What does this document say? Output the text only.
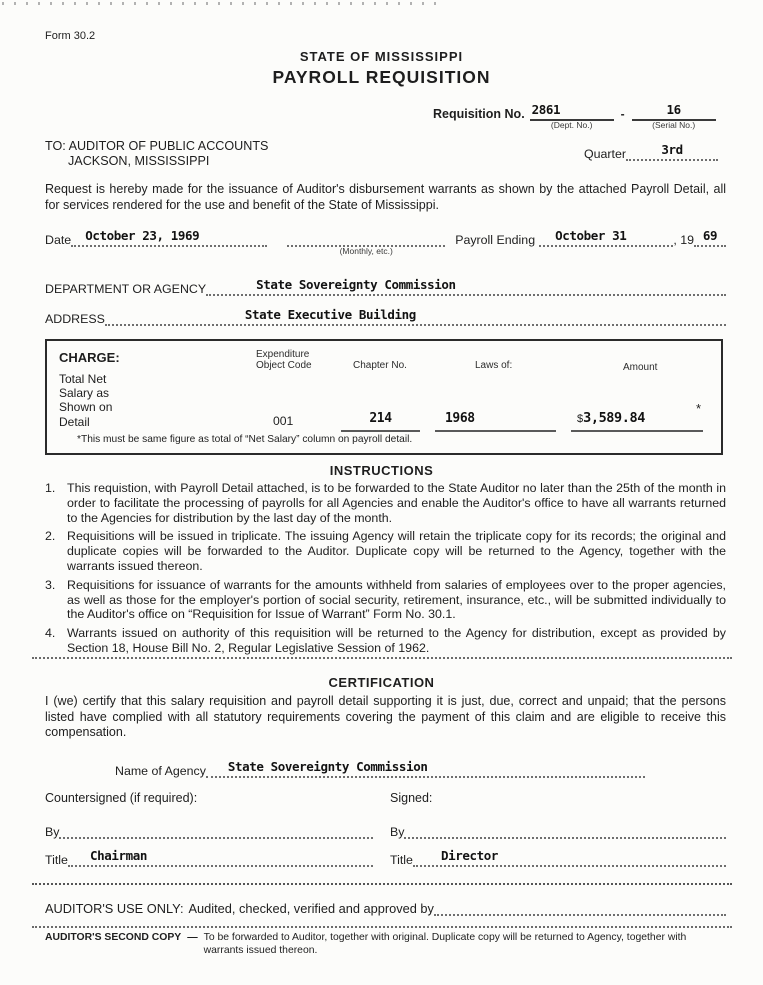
Form 30.2
STATE OF MISSISSIPPI
PAYROLL REQUISITION
Requisition No. 2861
(Dept. No.)
-	16
(Serial No.)
TO: AUDITOR OF PUBLIC ACCOUNTS
JACKSON, MISSISSIPPI	Quarter	3rd
Request is hereby made for the issuance of Auditor's disbursement warrants as shown by the attached Payroll Detail, all for services rendered for the use and benefit of the State of Mississippi.
Date	October 23, 1969
(Monthly, etc.)
Payroll Ending	October 31	, 19 69
DEPARTMENT OR AGENCY	State Sovereignty Commission
ADDRESS	State Executive Building
CHARGE:	Expenditure
Object Code	Chapter No.	Laws of:	Amount
Total Net
Salary as
Shown on
Detail	001	214	1968	$3,589.84
*
*This must be same figure as total of “Net Salary” column on payroll detail.
INSTRUCTIONS
1. This requistion, with Payroll Detail attached, is to be forwarded to the State Auditor no later than the 25th of the month in order to facilitate the processing of payrolls for all Agencies and enable the Auditor's office to have all warrants returned to the Agencies for distribution by the last day of the month.
2. Requisitions will be issued in triplicate. The issuing Agency will retain the triplicate copy for its records; the original and duplicate copies will be forwarded to the Auditor. Duplicate copy will be returned to the Agency, together with the warrants issued thereon.
3. Requisitions for issuance of warrants for the amounts withheld from salaries of employees over to the proper agencies, as well as those for the employer's portion of social security, retirement, insurance, etc., will be submitted individually to the Auditor's office on “Requisition for Issue of Warrant” Form No. 30.1.
4. Warrants issued on authority of this requisition will be returned to the Agency for distribution, except as provided by Section 18, House Bill No. 2, Regular Legislative Session of 1962.
CERTIFICATION
I (we) certify that this salary requisition and payroll detail supporting it is just, due, correct and unpaid; that the persons listed have complied with all statutory requirements covering the payment of this claim and are eligible to receive this compensation.
Name of Agency	State Sovereignty Commission
Countersigned (if required):	Signed:
By	By
Title	Chairman	Title	Director
AUDITOR'S USE ONLY: Audited, checked, verified and approved by
AUDITOR'S SECOND COPY — To be forwarded to Auditor, together with original. Duplicate copy will be returned to Agency, together with warrants issued thereon.
